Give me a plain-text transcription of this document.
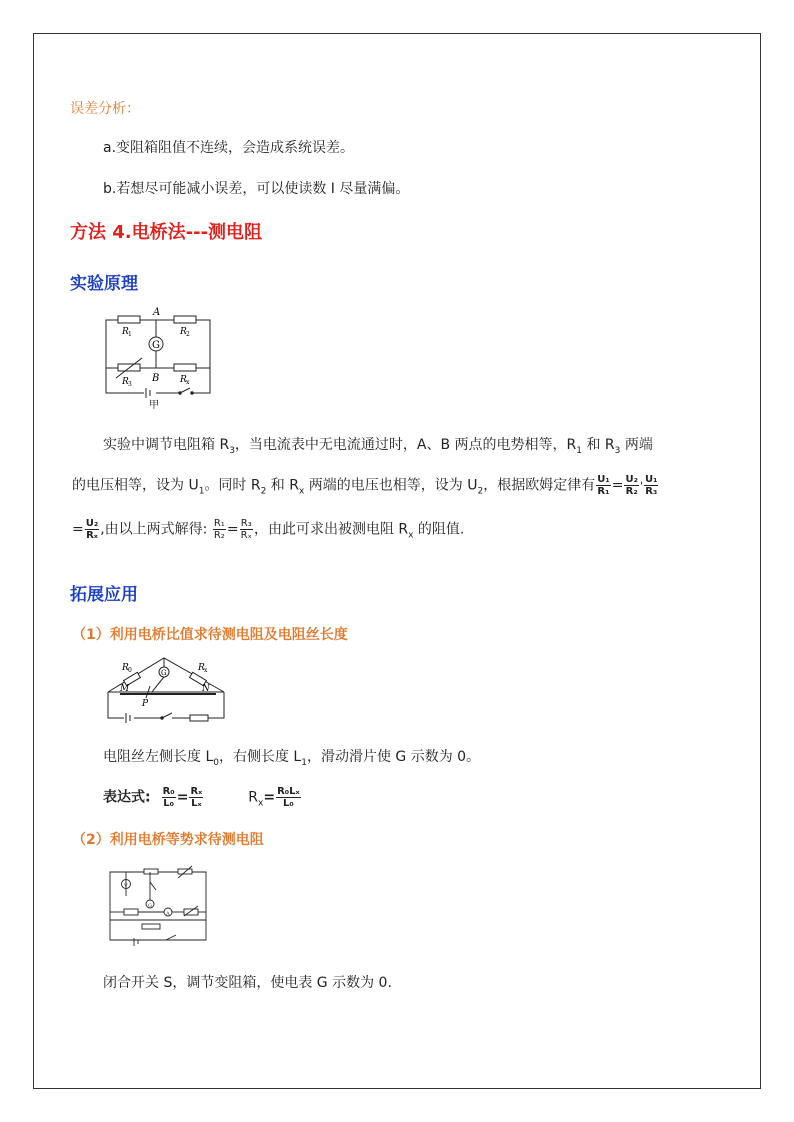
误差分析：
a.变阻箱阻值不连续，会造成系统误差。
b.若想尽可能减小误差，可以使读数 I 尽量满偏。
方法 4.电桥法---测电阻
实验原理
A
B
G
R 1	R 2
R 3	R x
甲
实验中调节电阻箱 $R_3$，当电流表中无电流通过时，A、B 两点的电势相等，$R_1$ 和 $R_3$ 两端
的电压相等，设为 $U_1$。同时 $R_2$ 和 $R_x$ 两端的电压也相等，设为 $U_2$，根据欧姆定律有 $\frac{\text{U₁}}{\text{R₁}} = \frac{\text{U₂}}{\text{R₂}}$ ' $\frac{\text{U₁}}{\text{R₃}}$
= $\frac{\text{U₂}}{\text{Rₓ}}$ ,由以上两式解得: $\frac{\text{R₁}}{\text{R₂}} = \frac{\text{R₃}}{\text{Rₓ}}$ ，由此可求出被测电阻 $R_x$ 的阻值.
拓展应用
（1）利用电桥比值求待测电阻及电阻丝长度
R 0	R x
G
M	N
P
电阻丝左侧长度 $L_0$，右侧长度 $L_1$，滑动滑片使 G 示数为 0。
表达式: $\frac{\text{R₀}}{\text{L₀}} = \frac{\text{Rₓ}}{\text{Lₓ}}$	$R_x= \frac{\text{R₀Lₓ}}{\text{L₀}}$
（2）利用电桥等势求待测电阻
V
G
A
闭合开关 S，调节变阻箱，使电表 G 示数为 0.
